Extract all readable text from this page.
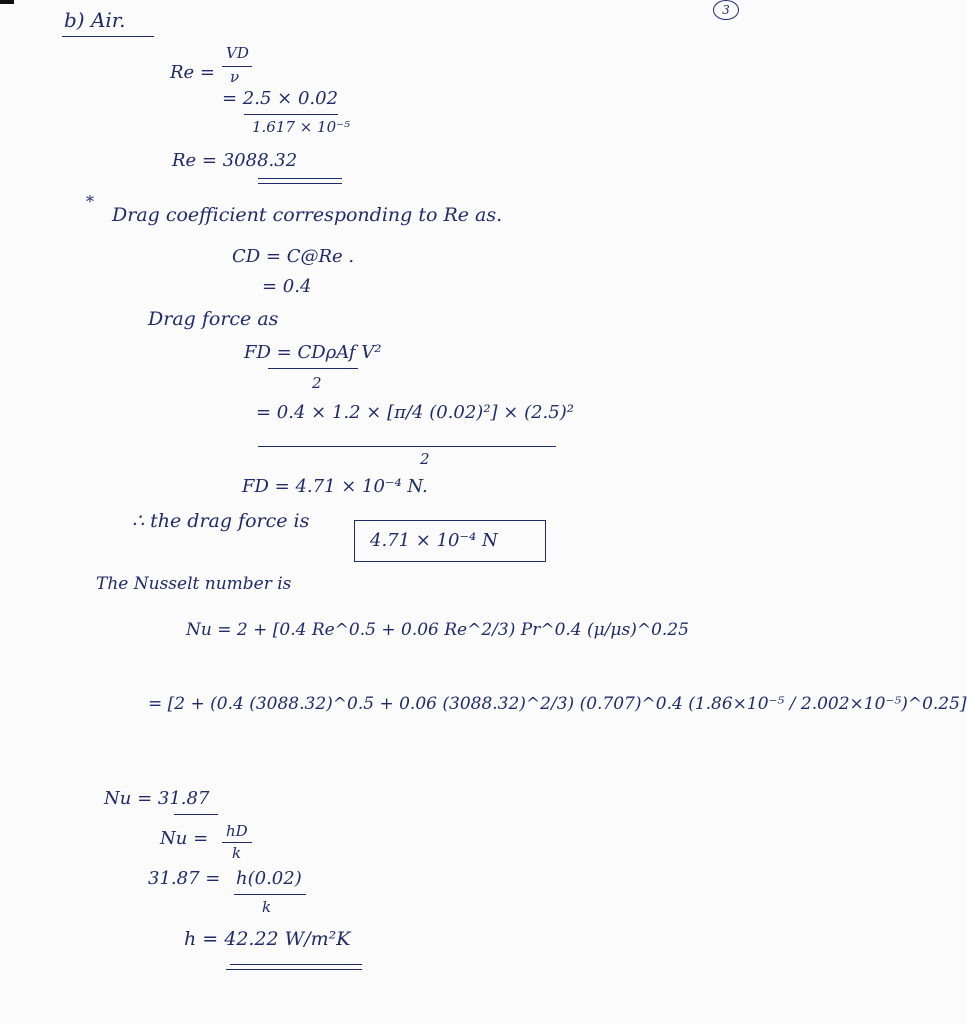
3
b) Air.
Re =
VD
ν
= 2.5 × 0.02
1.617 × 10⁻⁵
Re = 3088.32
*
Drag coefficient corresponding to Re as.
CD = C@Re .
= 0.4
Drag force as
FD = CDρAf V²
2
= 0.4 × 1.2 × [π/4 (0.02)²] × (2.5)²
2
FD = 4.71 × 10⁻⁴ N.
∴ the drag force is
4.71 × 10⁻⁴ N
The Nusselt number is
Nu = 2 + [0.4 Re^0.5 + 0.06 Re^2/3) Pr^0.4 (μ/μs)^0.25
= [2 + (0.4 (3088.32)^0.5 + 0.06 (3088.32)^2/3) (0.707)^0.4 (1.86×10⁻⁵ / 2.002×10⁻⁵)^0.25]
Nu = 31.87
Nu = hD
k
31.87 = h(0.02)
k
h = 42.22 W/m²K
